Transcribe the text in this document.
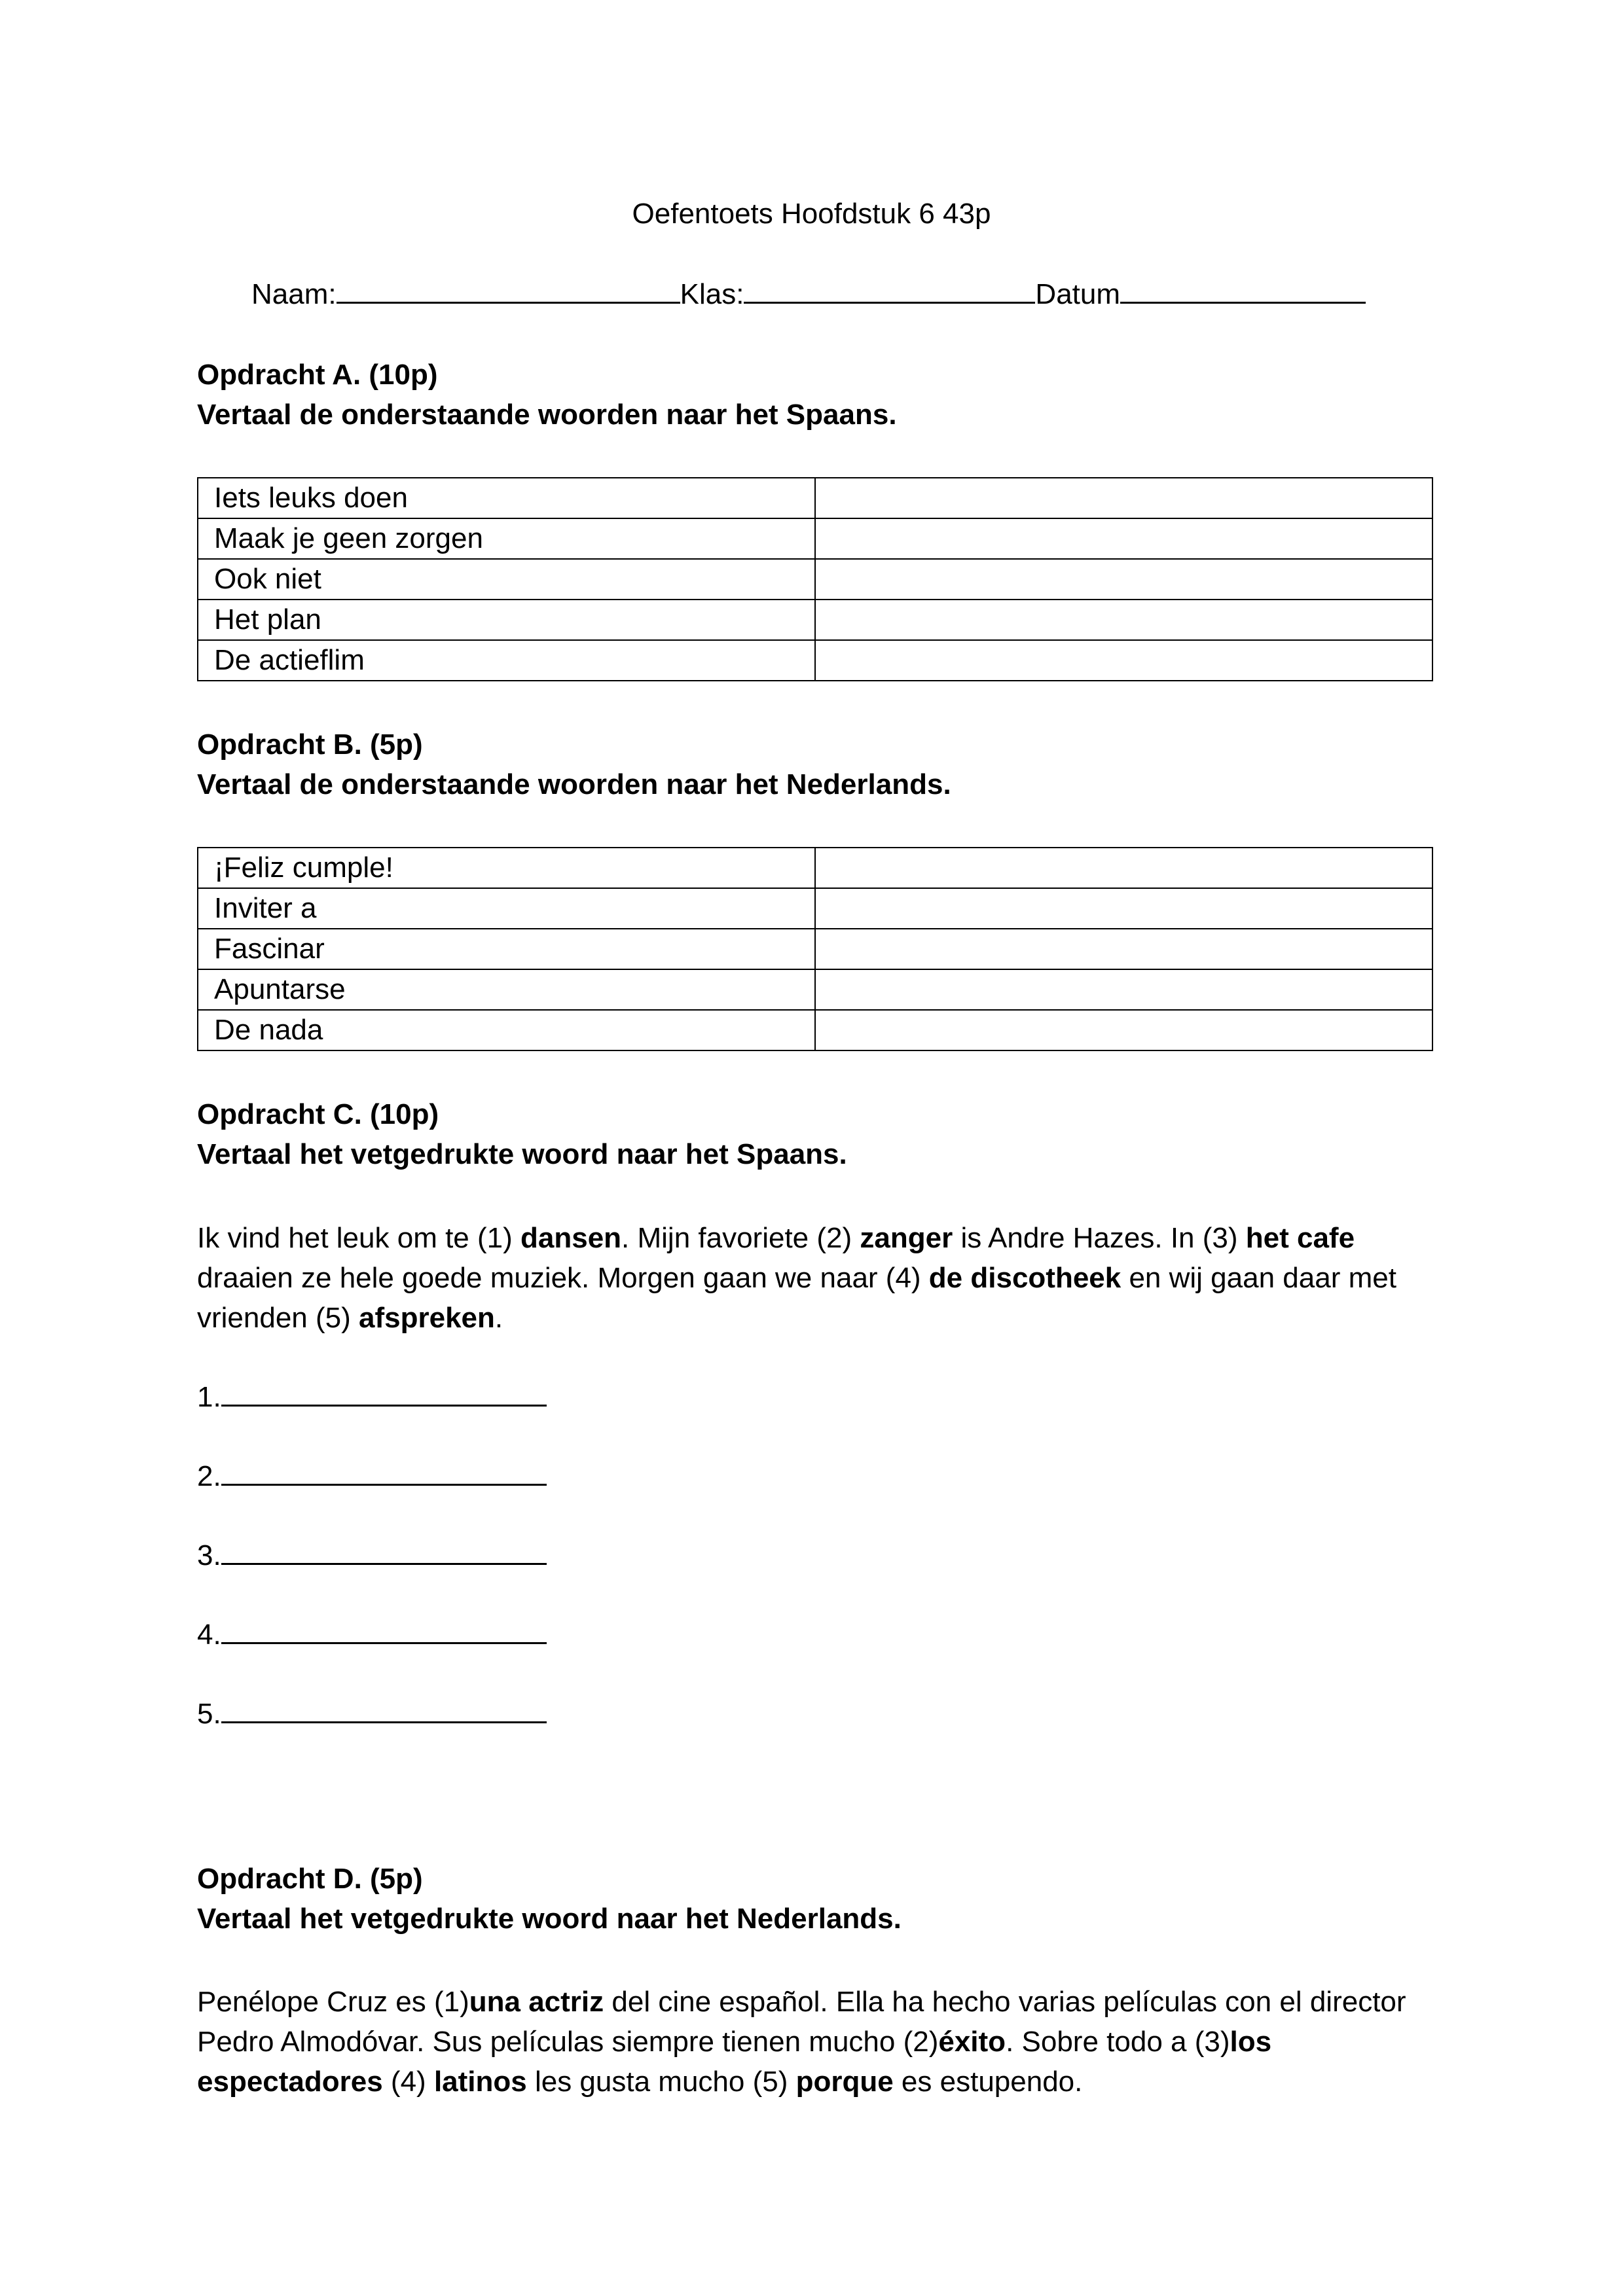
Oefentoets Hoofdstuk 6 43p
Naam:	Klas:	Datum
Opdracht A. (10p)
Vertaal de onderstaande woorden naar het Spaans.
Iets leuks doen	
Maak je geen zorgen	
Ook niet	
Het plan	
De actieflim	
Opdracht B. (5p)
Vertaal de onderstaande woorden naar het Nederlands.
¡Feliz cumple!	
Inviter a	
Fascinar	
Apuntarse	
De nada	
Opdracht C. (10p)
Vertaal het vetgedrukte woord naar het Spaans.
Ik vind het leuk om te (1) dansen. Mijn favoriete (2) zanger is Andre Hazes. In (3) het cafe draaien ze hele goede muziek. Morgen gaan we naar (4) de discotheek en wij gaan daar met vrienden (5) afspreken.
1.
2.
3.
4.
5.
Opdracht D. (5p)
Vertaal het vetgedrukte woord naar het Nederlands.
Penélope Cruz es (1)una actriz del cine español. Ella ha hecho varias películas con el director Pedro Almodóvar. Sus películas siempre tienen mucho (2)éxito. Sobre todo a (3)los espectadores (4) latinos les gusta mucho (5) porque es estupendo.
